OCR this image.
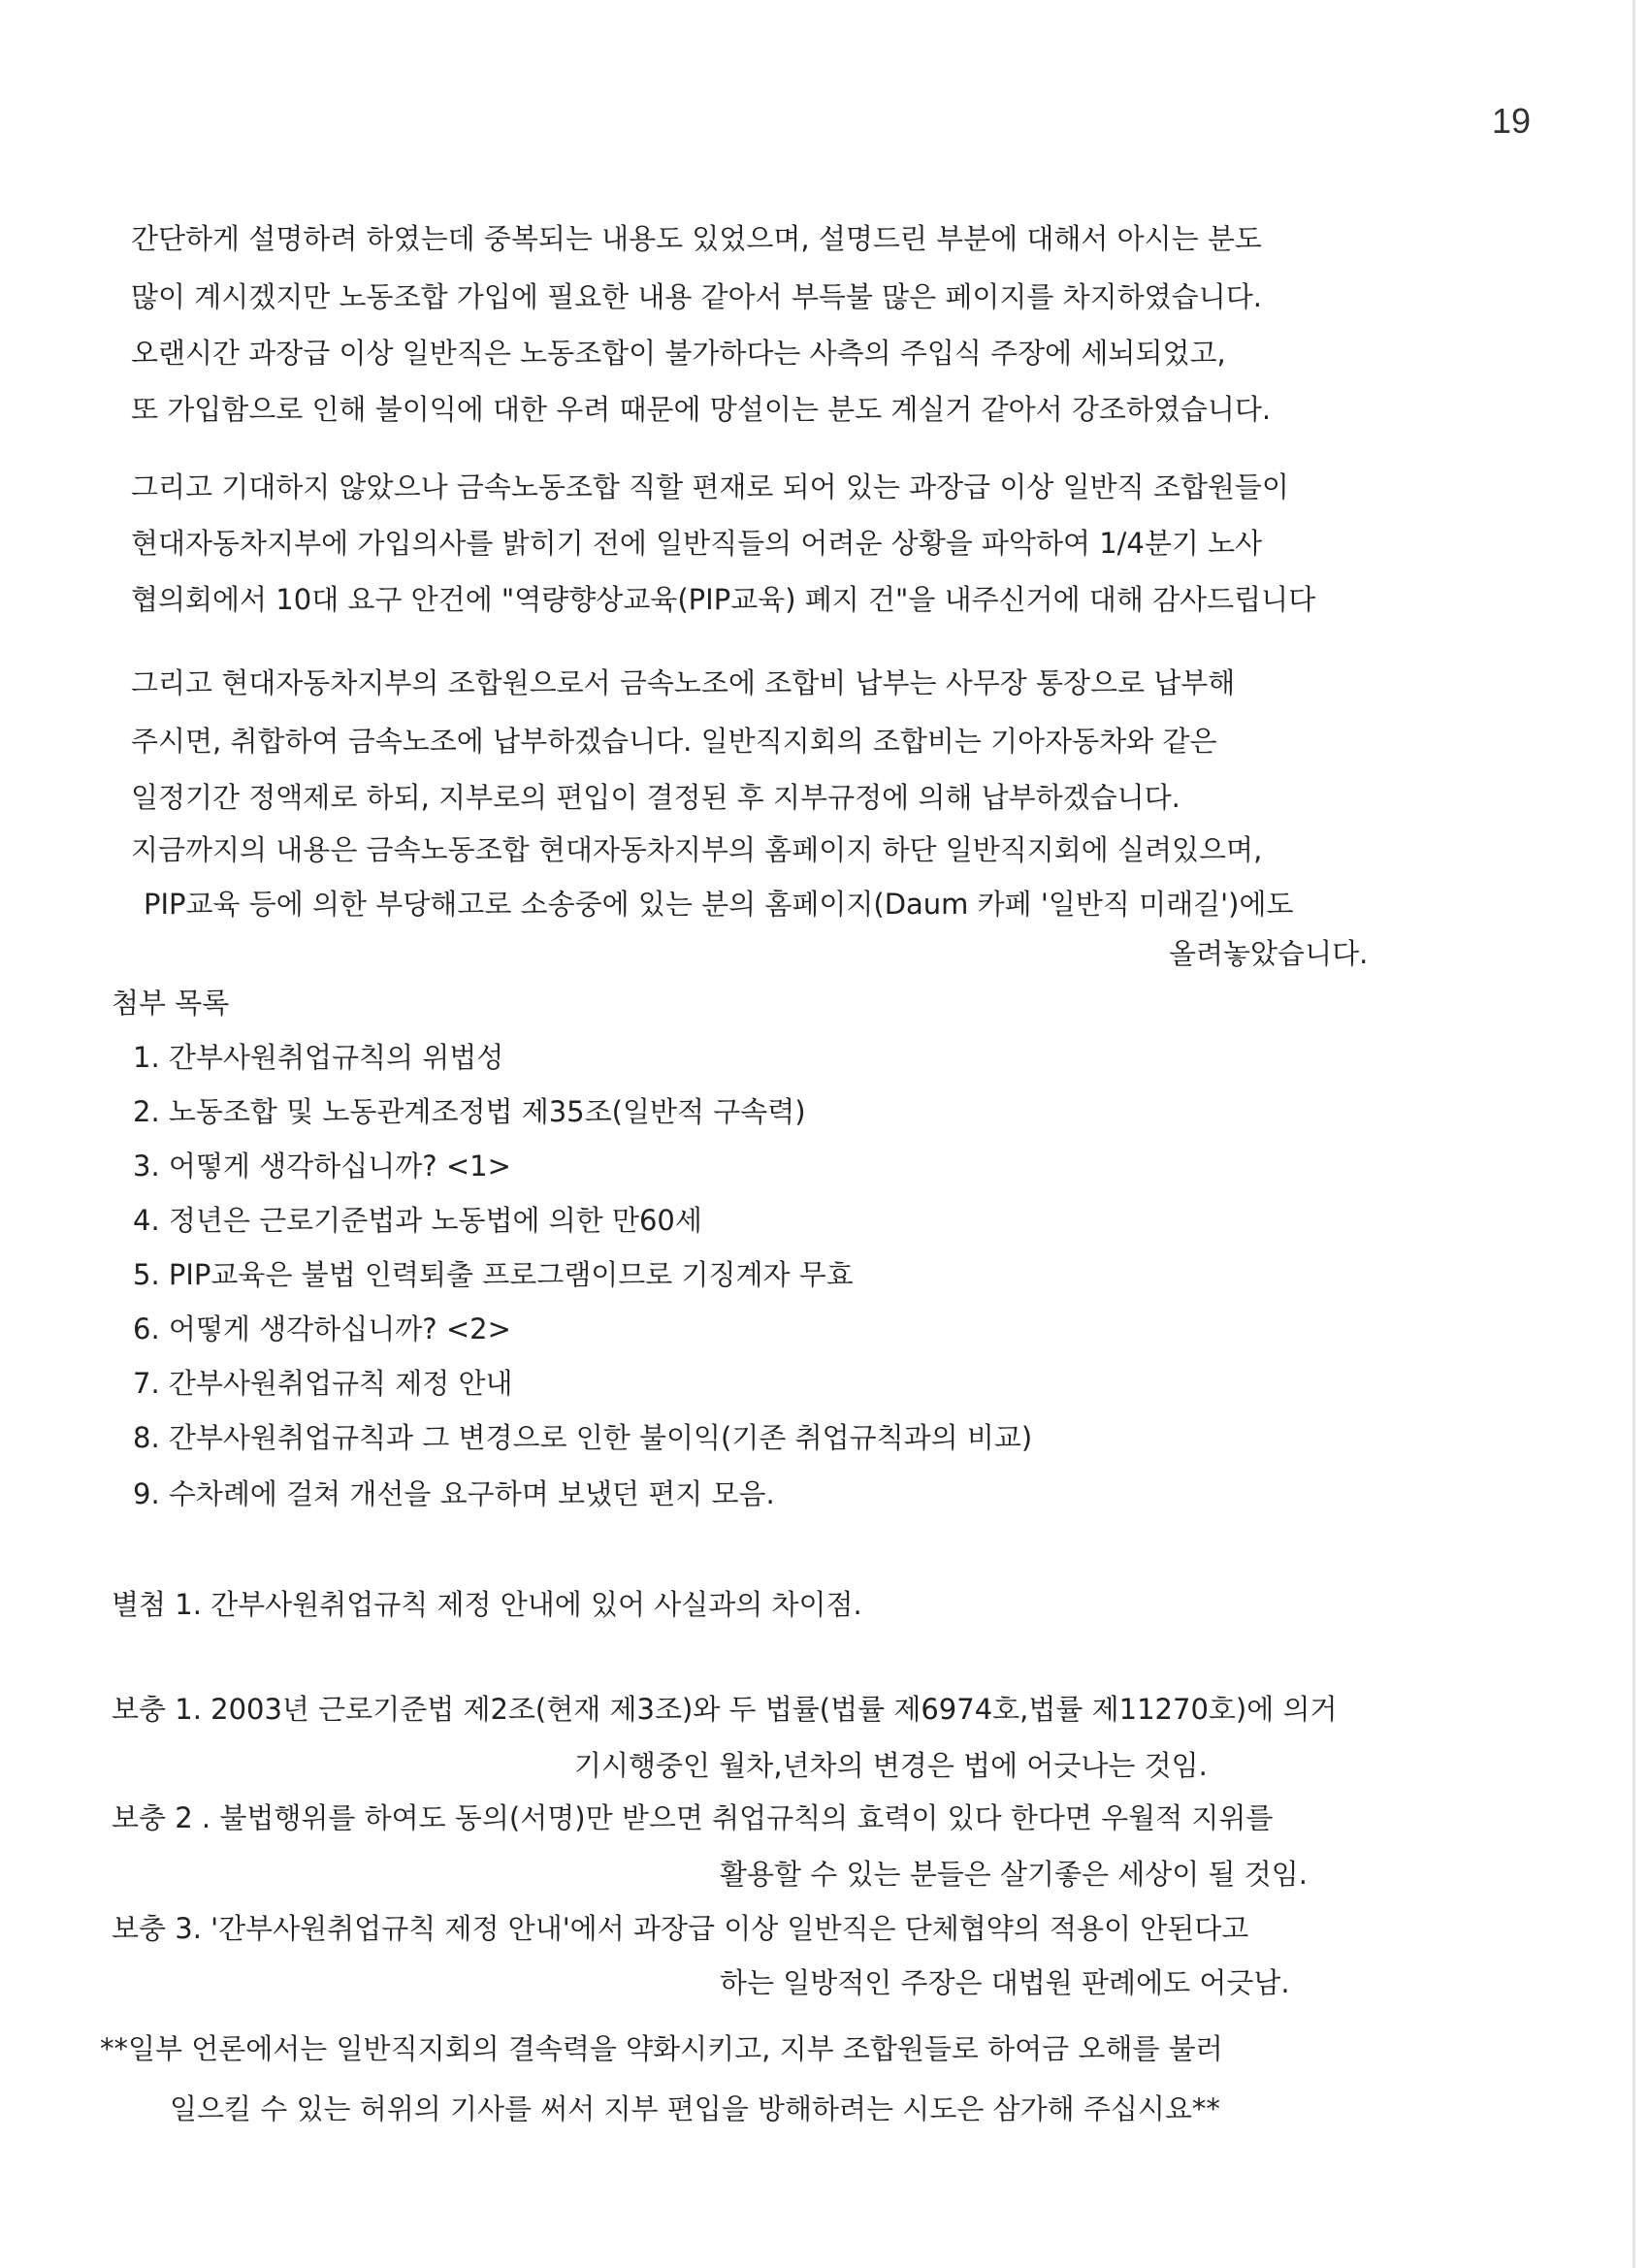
19
간단하게 설명하려 하였는데 중복되는 내용도 있었으며, 설명드린 부분에 대해서 아시는 분도
많이 계시겠지만 노동조합 가입에 필요한 내용 같아서 부득불 많은 페이지를 차지하였습니다.
오랜시간 과장급 이상 일반직은 노동조합이 불가하다는 사측의 주입식 주장에 세뇌되었고,
또 가입함으로 인해 불이익에 대한 우려 때문에 망설이는 분도 계실거 같아서 강조하였습니다.
그리고 기대하지 않았으나 금속노동조합 직할 편재로 되어 있는 과장급 이상 일반직 조합원들이
현대자동차지부에 가입의사를 밝히기 전에 일반직들의 어려운 상황을 파악하여 1/4분기 노사
협의회에서 10대 요구 안건에 "역량향상교육(PIP교육) 폐지 건"을 내주신거에 대해 감사드립니다
그리고 현대자동차지부의 조합원으로서 금속노조에 조합비 납부는 사무장 통장으로 납부해
주시면, 취합하여 금속노조에 납부하겠습니다. 일반직지회의 조합비는 기아자동차와 같은
일정기간 정액제로 하되, 지부로의 편입이 결정된 후 지부규정에 의해 납부하겠습니다.
지금까지의 내용은 금속노동조합 현대자동차지부의 홈페이지 하단 일반직지회에 실려있으며,
PIP교육 등에 의한 부당해고로 소송중에 있는 분의 홈페이지(Daum 카페 '일반직 미래길')에도
올려놓았습니다.
첨부 목록
1. 간부사원취업규칙의 위법성
2. 노동조합 및 노동관계조정법 제35조(일반적 구속력)
3. 어떻게 생각하십니까? <1>
4. 정년은 근로기준법과 노동법에 의한 만60세
5. PIP교육은 불법 인력퇴출 프로그램이므로 기징계자 무효
6. 어떻게 생각하십니까? <2>
7. 간부사원취업규칙 제정 안내
8. 간부사원취업규칙과 그 변경으로 인한 불이익(기존 취업규칙과의 비교)
9. 수차례에 걸쳐 개선을 요구하며 보냈던 편지 모음.
별첨 1. 간부사원취업규칙 제정 안내에 있어 사실과의 차이점.
보충 1. 2003년 근로기준법 제2조(현재 제3조)와 두 법률(법률 제6974호,법률 제11270호)에 의거
기시행중인 월차,년차의 변경은 법에 어긋나는 것임.
보충 2 . 불법행위를 하여도 동의(서명)만 받으면 취업규칙의 효력이 있다 한다면 우월적 지위를
활용할 수 있는 분들은 살기좋은 세상이 될 것임.
보충 3. '간부사원취업규칙 제정 안내'에서 과장급 이상 일반직은 단체협약의 적용이 안된다고
하는 일방적인 주장은 대법원 판례에도 어긋남.
**일부 언론에서는 일반직지회의 결속력을 약화시키고, 지부 조합원들로 하여금 오해를 불러
일으킬 수 있는 허위의 기사를 써서 지부 편입을 방해하려는 시도은 삼가해 주십시요**
